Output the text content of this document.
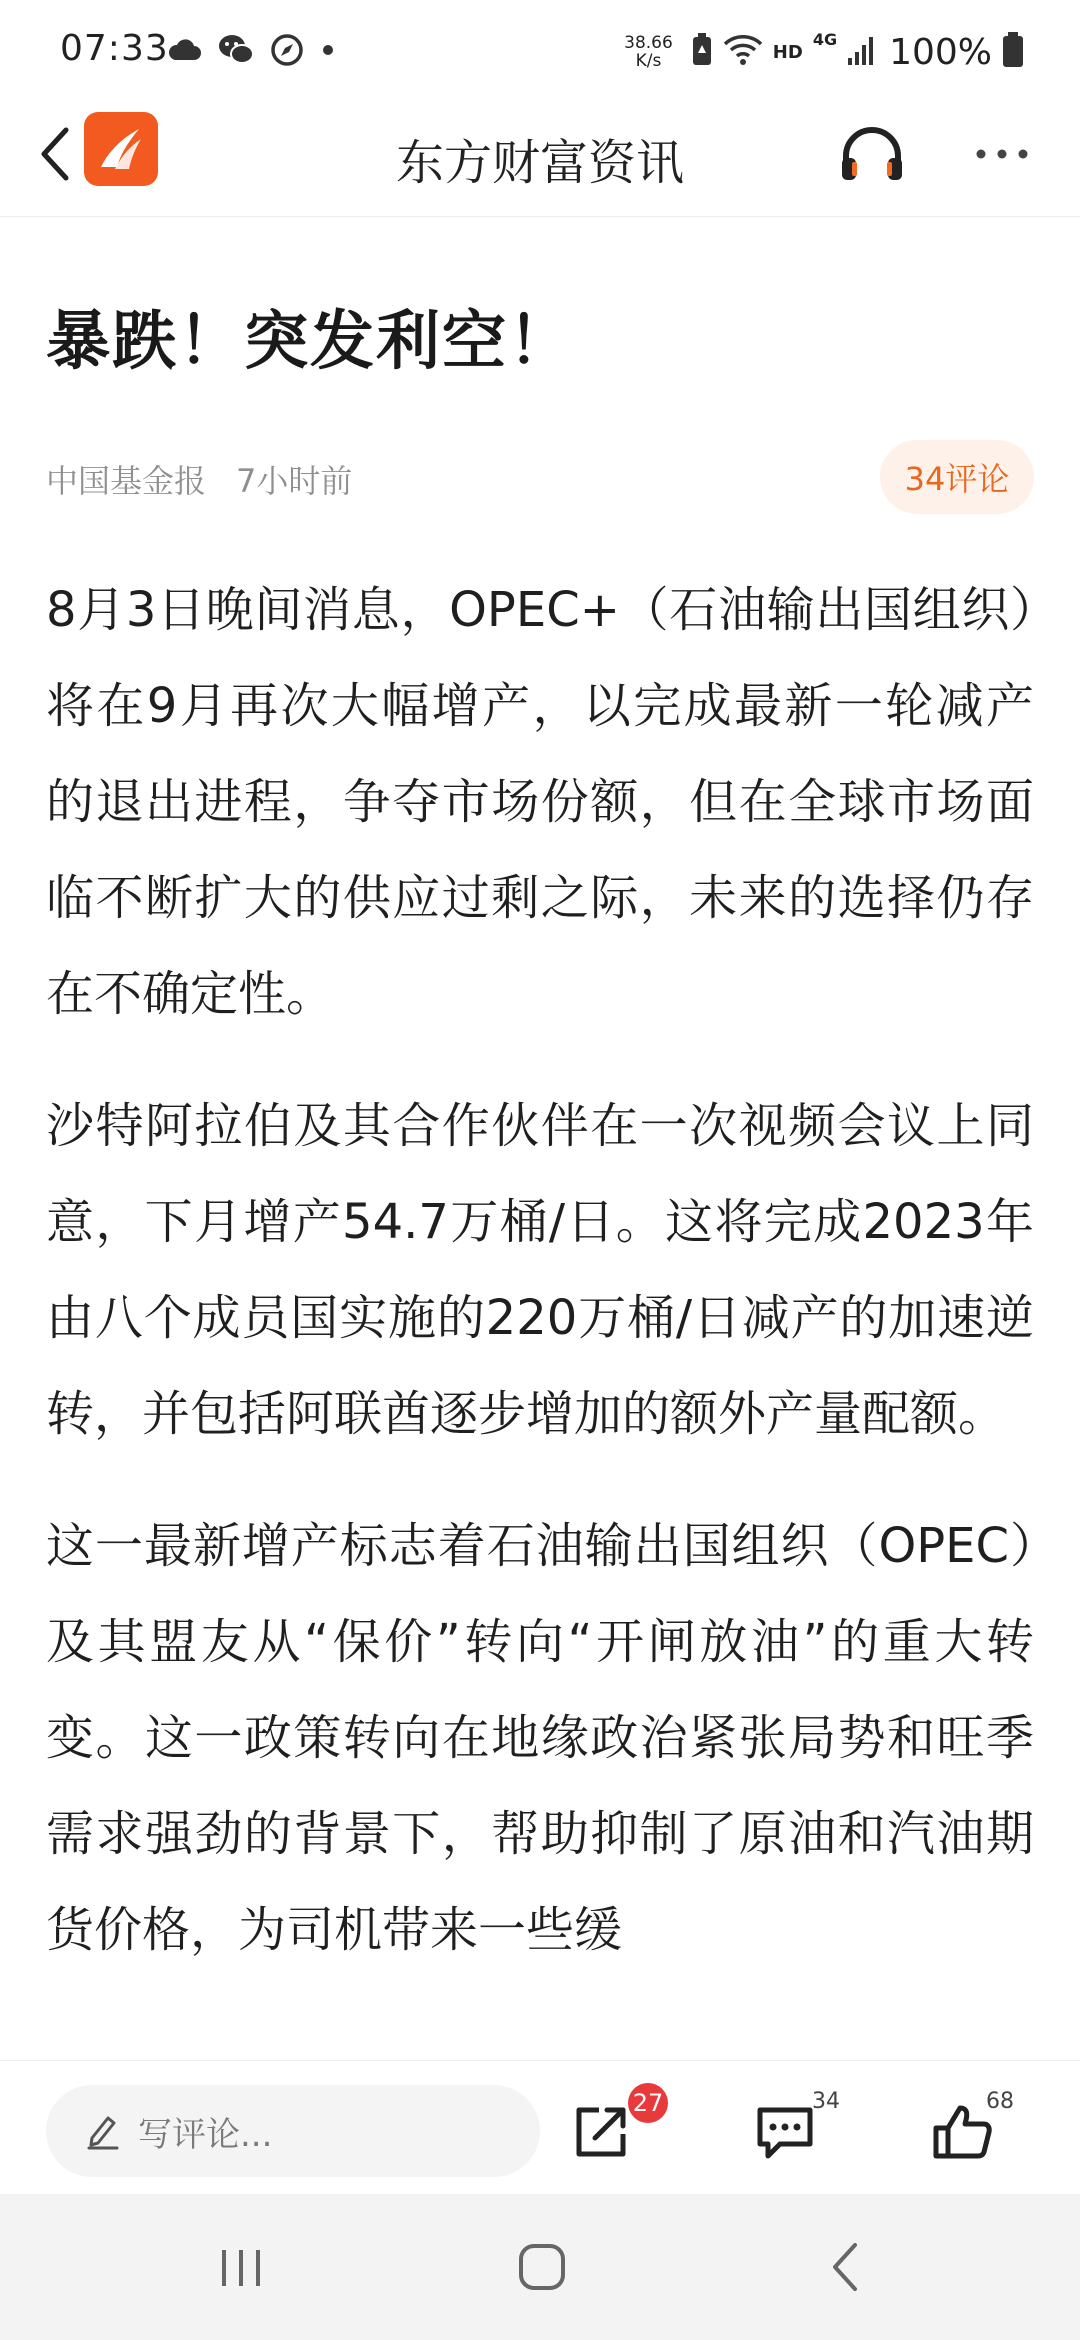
07:33	38.66
K/s	HD
4G 100%
东方财富资讯
暴跌！突发利空！
中国基金报 7小时前	34评论

8月3日晚间消息，OPEC+（石油输出国组织）将在9月再次大幅增产，以完成最新一轮减产的退出进程，争夺市场份额，但在全球市场面临不断扩大的供应过剩之际，未来的选择仍存在不确定性。

沙特阿拉伯及其合作伙伴在一次视频会议上同意，下月增产54.7万桶/日。这将完成2023年由八个成员国实施的220万桶/日减产的加速逆转，并包括阿联酋逐步增加的额外产量配额。

这一最新增产标志着石油输出国组织（OPEC）及其盟友从“保价”转向“开闸放油”的重大转变。这一政策转向在地缘政治紧张局势和旺季需求强劲的背景下，帮助抑制了原油和汽油期货价格，为司机带来一些缓

写评论...
27	34	68
